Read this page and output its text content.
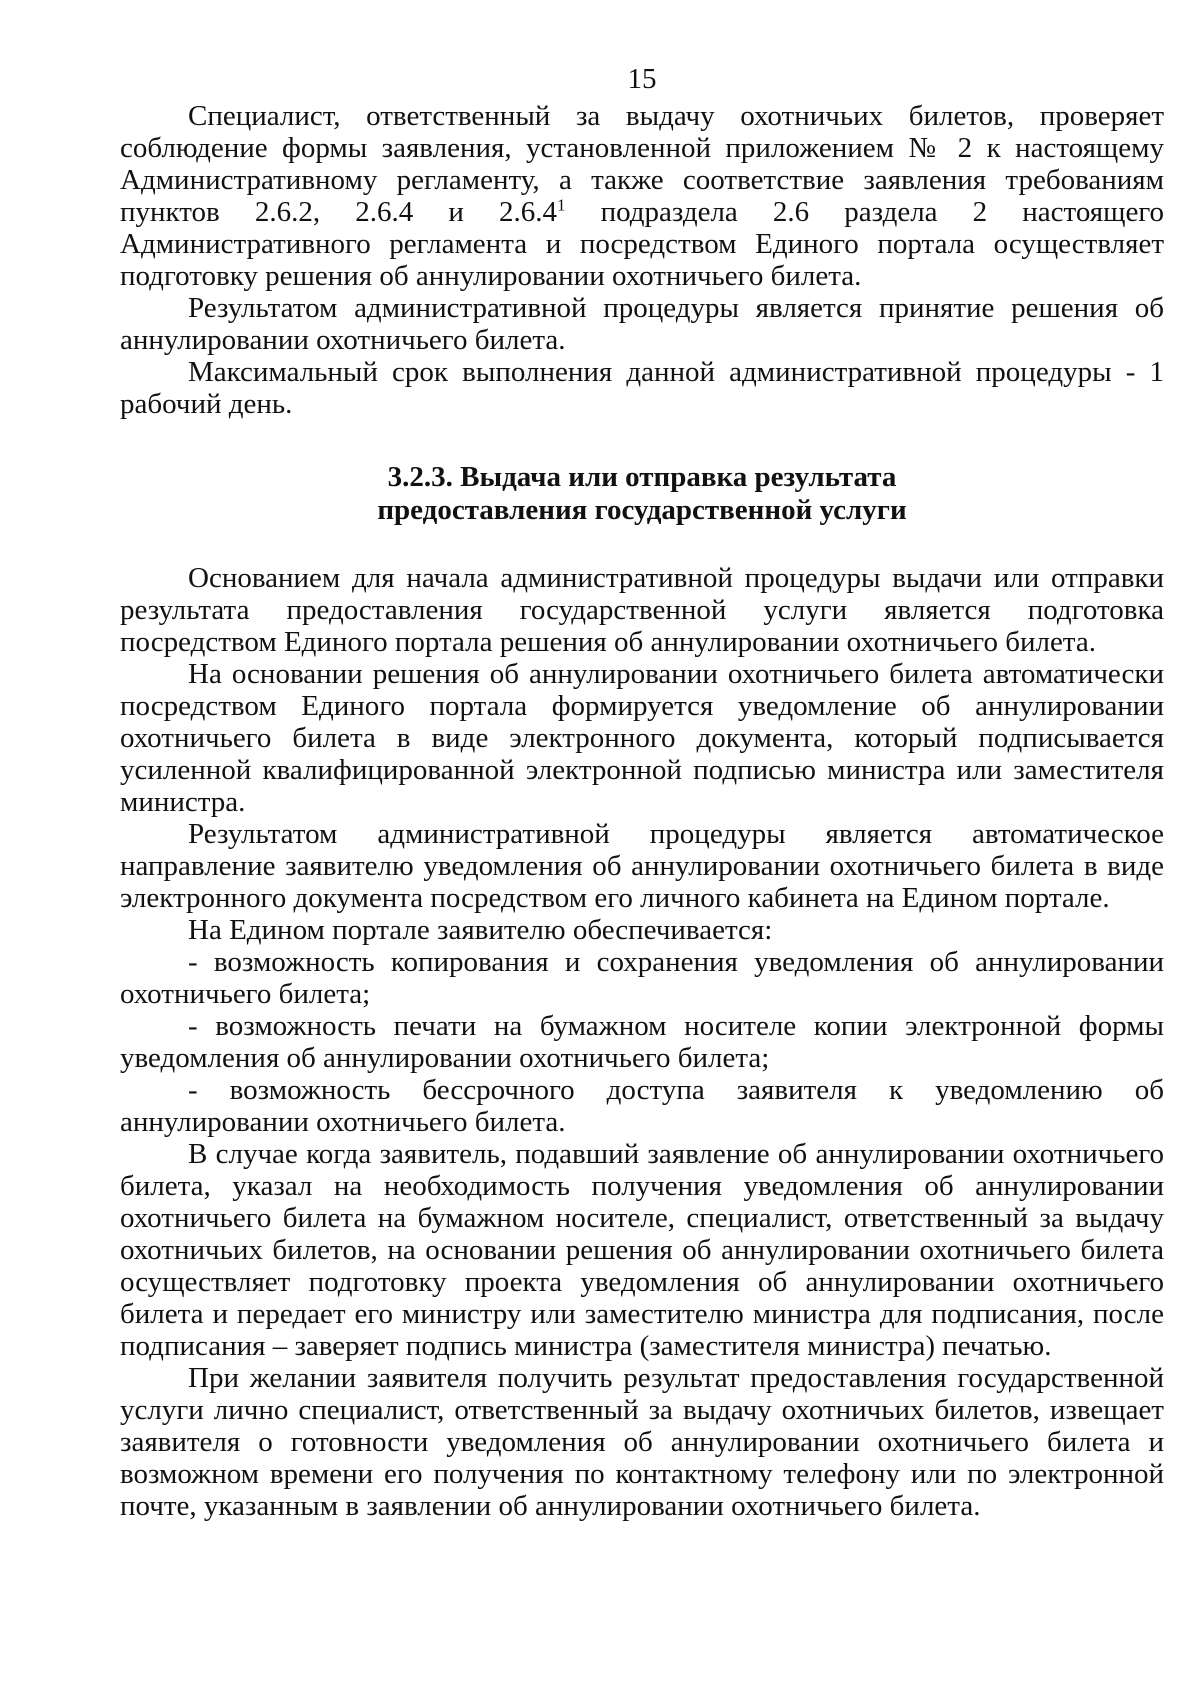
15

Специалист, ответственный за выдачу охотничьих билетов, проверяет соблюдение формы заявления, установленной приложением № 2 к настоящему Административному регламенту, а также соответствие заявления требованиям пунктов 2.6.2, 2.6.4 и 2.6.4$^1$ подраздела 2.6 раздела 2 настоящего Административного регламента и посредством Единого портала осуществляет подготовку решения об аннулировании охотничьего билета.

Результатом административной процедуры является принятие решения об аннулировании охотничьего билета.

Максимальный срок выполнения данной административной процедуры - 1 рабочий день.

3.2.3. Выдача или отправка результата
предоставления государственной услуги

Основанием для начала административной процедуры выдачи или отправки результата предоставления государственной услуги является подготовка посредством Единого портала решения об аннулировании охотничьего билета.

На основании решения об аннулировании охотничьего билета автоматически посредством Единого портала формируется уведомление об аннулировании охотничьего билета в виде электронного документа, который подписывается усиленной квалифицированной электронной подписью министра или заместителя министра.

Результатом административной процедуры является автоматическое направление заявителю уведомления об аннулировании охотничьего билета в виде электронного документа посредством его личного кабинета на Едином портале.

На Едином портале заявителю обеспечивается:

- возможность копирования и сохранения уведомления об аннулировании охотничьего билета;

- возможность печати на бумажном носителе копии электронной формы уведомления об аннулировании охотничьего билета;

- возможность бессрочного доступа заявителя к уведомлению об аннулировании охотничьего билета.

В случае когда заявитель, подавший заявление об аннулировании охотничьего билета, указал на необходимость получения уведомления об аннулировании охотничьего билета на бумажном носителе, специалист, ответственный за выдачу охотничьих билетов, на основании решения об аннулировании охотничьего билета осуществляет подготовку проекта уведомления об аннулировании охотничьего билета и передает его министру или заместителю министра для подписания, после подписания – заверяет подпись министра (заместителя министра) печатью.

При желании заявителя получить результат предоставления государственной услуги лично специалист, ответственный за выдачу охотничьих билетов, извещает заявителя о готовности уведомления об аннулировании охотничьего билета и возможном времени его получения по контактному телефону или по электронной почте, указанным в заявлении об аннулировании охотничьего билета.
